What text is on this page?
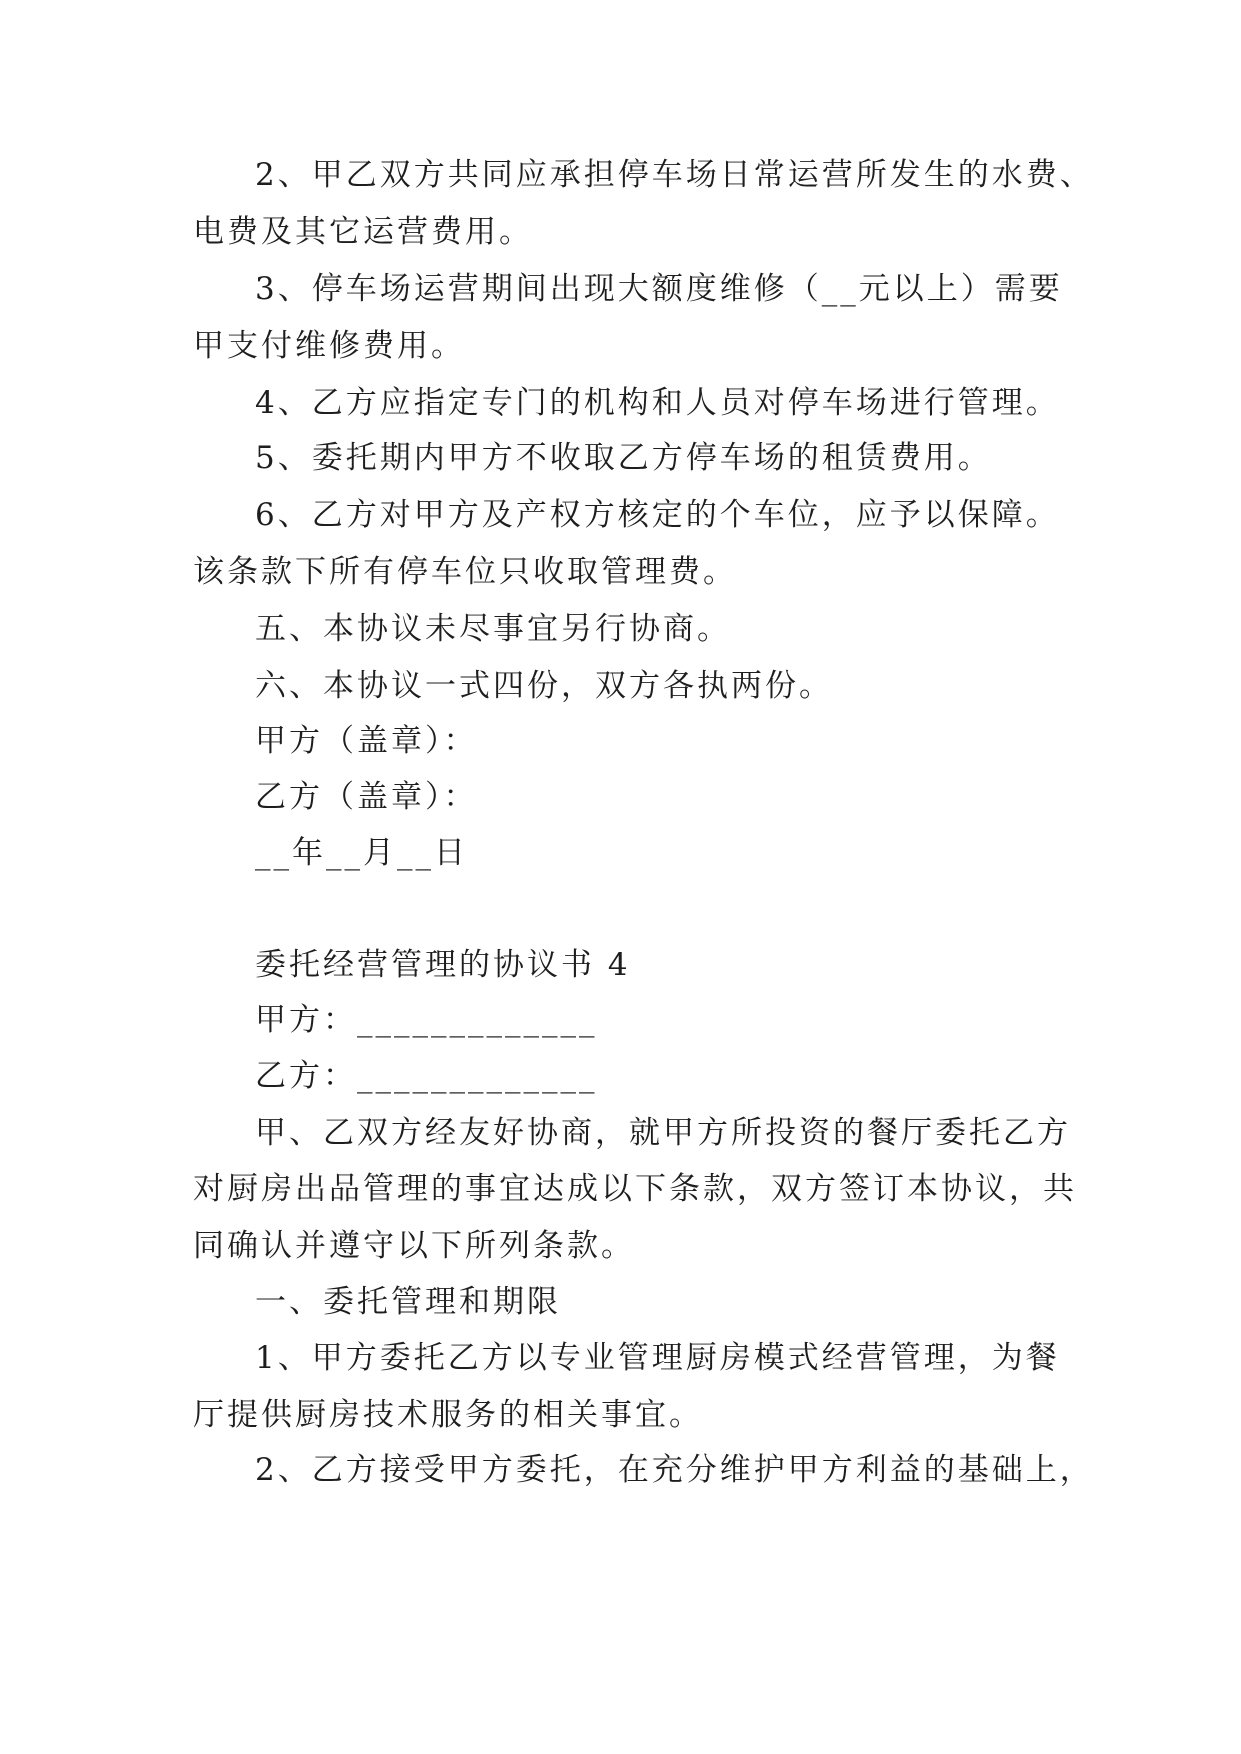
2、甲乙双方共同应承担停车场日常运营所发生的水费、
电费及其它运营费用。
3、停车场运营期间出现大额度维修（__元以上）需要
甲支付维修费用。
4、乙方应指定专门的机构和人员对停车场进行管理。
5、委托期内甲方不收取乙方停车场的租赁费用。
6、乙方对甲方及产权方核定的个车位，应予以保障。
该条款下所有停车位只收取管理费。
五、本协议未尽事宜另行协商。
六、本协议一式四份，双方各执两份。
甲方（盖章）：
乙方（盖章）：
__年__月__日
委托经营管理的协议书 4
甲方：_____________
乙方：_____________
甲、乙双方经友好协商，就甲方所投资的餐厅委托乙方
对厨房出品管理的事宜达成以下条款，双方签订本协议，共
同确认并遵守以下所列条款。
一、委托管理和期限
1、甲方委托乙方以专业管理厨房模式经营管理，为餐
厅提供厨房技术服务的相关事宜。
2、乙方接受甲方委托，在充分维护甲方利益的基础上，
